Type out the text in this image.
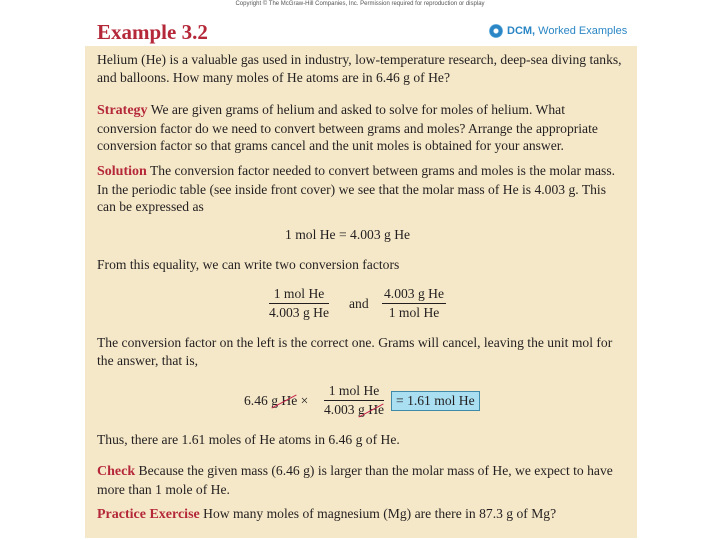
Copyright © The McGraw-Hill Companies, Inc. Permission required for reproduction or display
Example 3.2	DCM,
Worked Examples

Helium (He) is a valuable gas used in industry, low-temperature research, deep-sea diving tanks, and balloons. How many moles of He atoms are in 6.46 g of He?

Strategy We are given grams of helium and asked to solve for moles of helium. What conversion factor do we need to convert between grams and moles? Arrange the appropriate conversion factor so that grams cancel and the unit moles is obtained for your answer.

Solution The conversion factor needed to convert between grams and moles is the molar mass. In the periodic table (see inside front cover) we see that the molar mass of He is 4.003 g. This can be expressed as

1 mol He = 4.003 g He

From this equality, we can write two conversion factors

1 mol He
4.003 g He
and
4.003 g He
1 mol He

The conversion factor on the left is the correct one. Grams will cancel, leaving the unit mol for the answer, that is,

6.46 g He ×
1 mol He
4.003 g He
= 1.61 mol He

Thus, there are 1.61 moles of He atoms in 6.46 g of He.

Check Because the given mass (6.46 g) is larger than the molar mass of He, we expect to have more than 1 mole of He.

Practice Exercise How many moles of magnesium (Mg) are there in 87.3 g of Mg?
